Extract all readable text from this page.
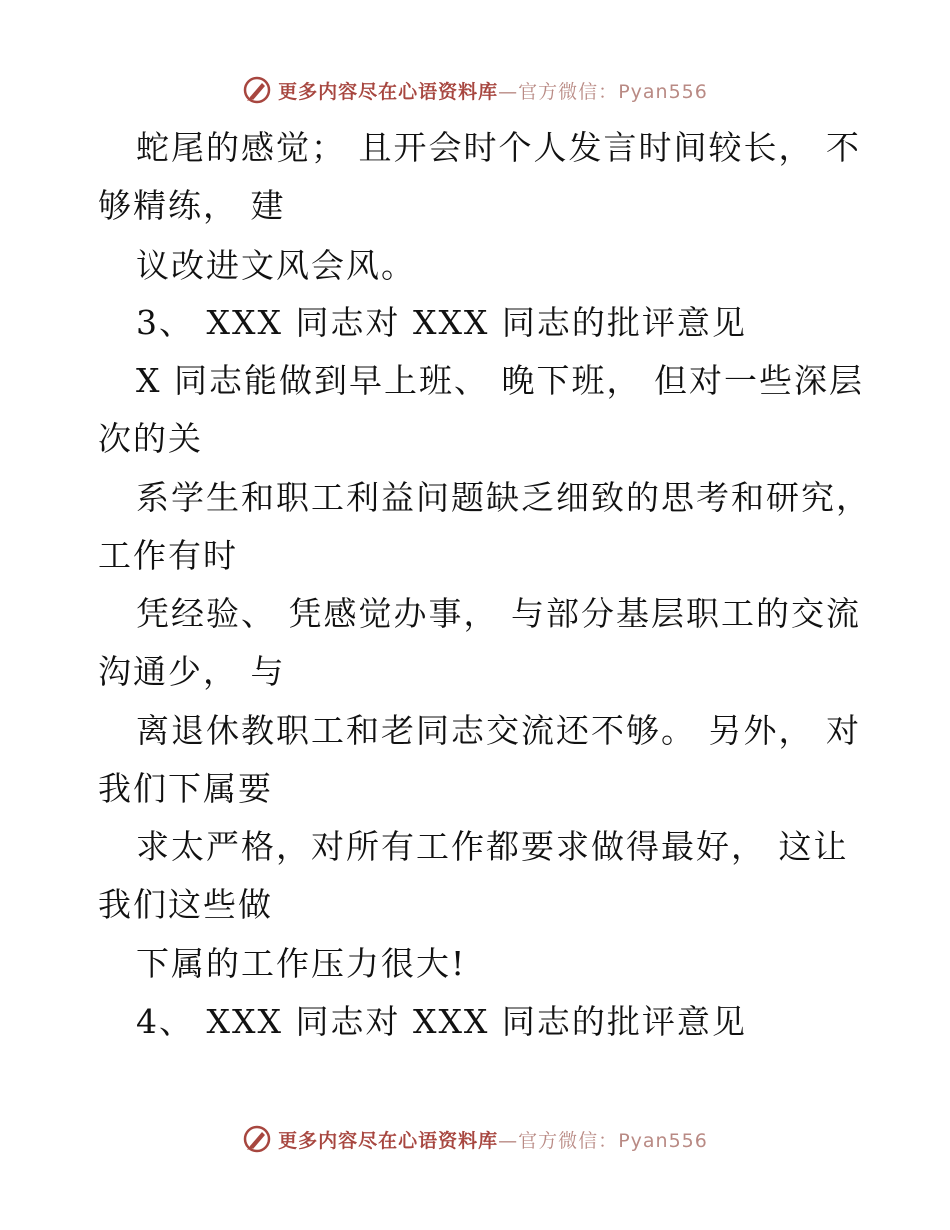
更多内容尽在心语资料库—官方微信：Pyan556
蛇尾的感觉； 且开会时个人发言时间较长， 不
够精练， 建
议改进文风会风。
3、 XXX 同志对 XXX 同志的批评意见
X 同志能做到早上班、 晚下班， 但对一些深层
次的关
系学生和职工利益问题缺乏细致的思考和研究，
工作有时
凭经验、 凭感觉办事， 与部分基层职工的交流
沟通少， 与
离退休教职工和老同志交流还不够。 另外， 对
我们下属要
求太严格，对所有工作都要求做得最好， 这让
我们这些做
下属的工作压力很大!
4、 XXX 同志对 XXX 同志的批评意见
更多内容尽在心语资料库—官方微信：Pyan556
